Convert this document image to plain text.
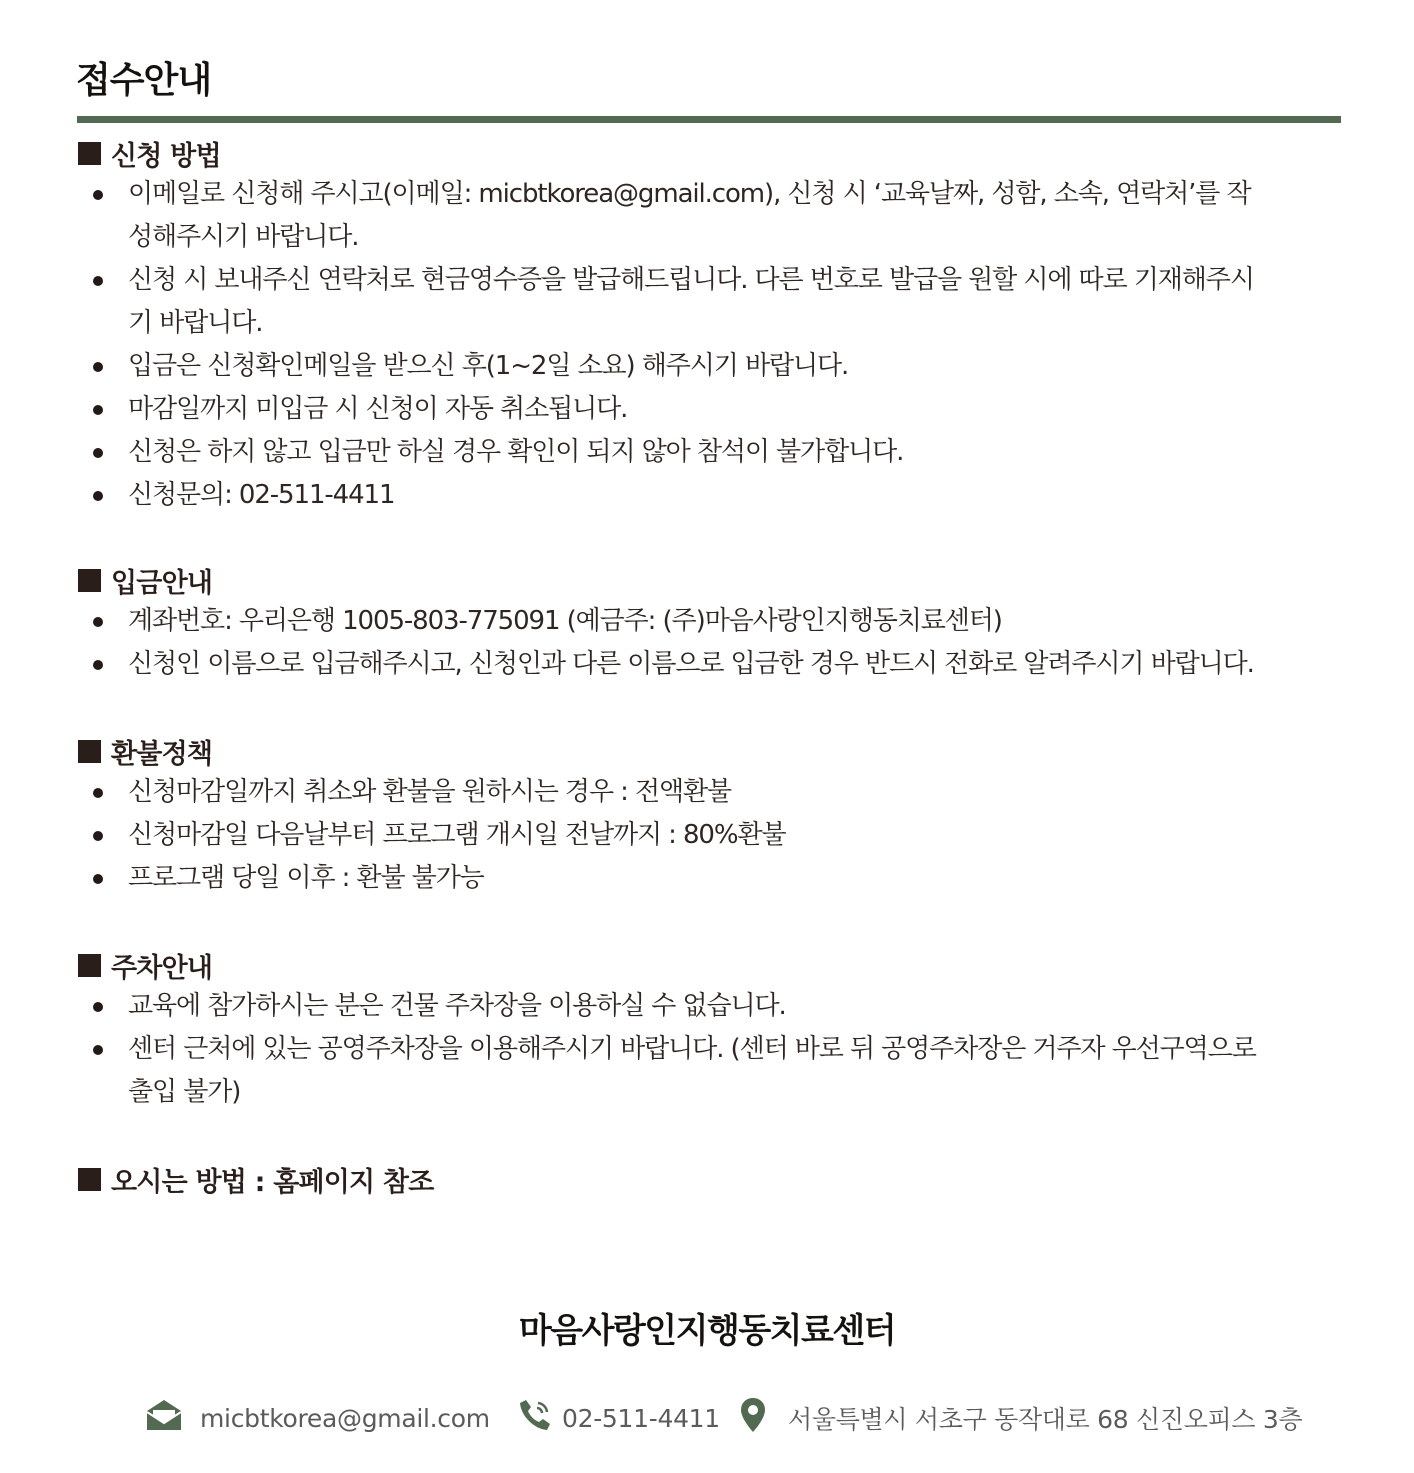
접수안내
신청 방법
이메일로 신청해 주시고(이메일: micbtkorea@gmail.com), 신청 시 ‘교육날짜, 성함, 소속, 연락처’를 작
성해주시기 바랍니다.
신청 시 보내주신 연락처로 현금영수증을 발급해드립니다. 다른 번호로 발급을 원할 시에 따로 기재해주시
기 바랍니다.
입금은 신청확인메일을 받으신 후(1~2일 소요) 해주시기 바랍니다.
마감일까지 미입금 시 신청이 자동 취소됩니다.
신청은 하지 않고 입금만 하실 경우 확인이 되지 않아 참석이 불가합니다.
신청문의: 02-511-4411
입금안내
계좌번호: 우리은행 1005-803-775091 (예금주: (주)마음사랑인지행동치료센터)
신청인 이름으로 입금해주시고, 신청인과 다른 이름으로 입금한 경우 반드시 전화로 알려주시기 바랍니다.
환불정책
신청마감일까지 취소와 환불을 원하시는 경우 : 전액환불
신청마감일 다음날부터 프로그램 개시일 전날까지 : 80%환불
프로그램 당일 이후 : 환불 불가능
주차안내
교육에 참가하시는 분은 건물 주차장을 이용하실 수 없습니다.
센터 근처에 있는 공영주차장을 이용해주시기 바랍니다. (센터 바로 뒤 공영주차장은 거주자 우선구역으로
출입 불가)
오시는 방법 : 홈페이지 참조
마음사랑인지행동치료센터
micbtkorea@gmail.com	02-511-4411	서울특별시 서초구 동작대로 68 신진오피스 3층
